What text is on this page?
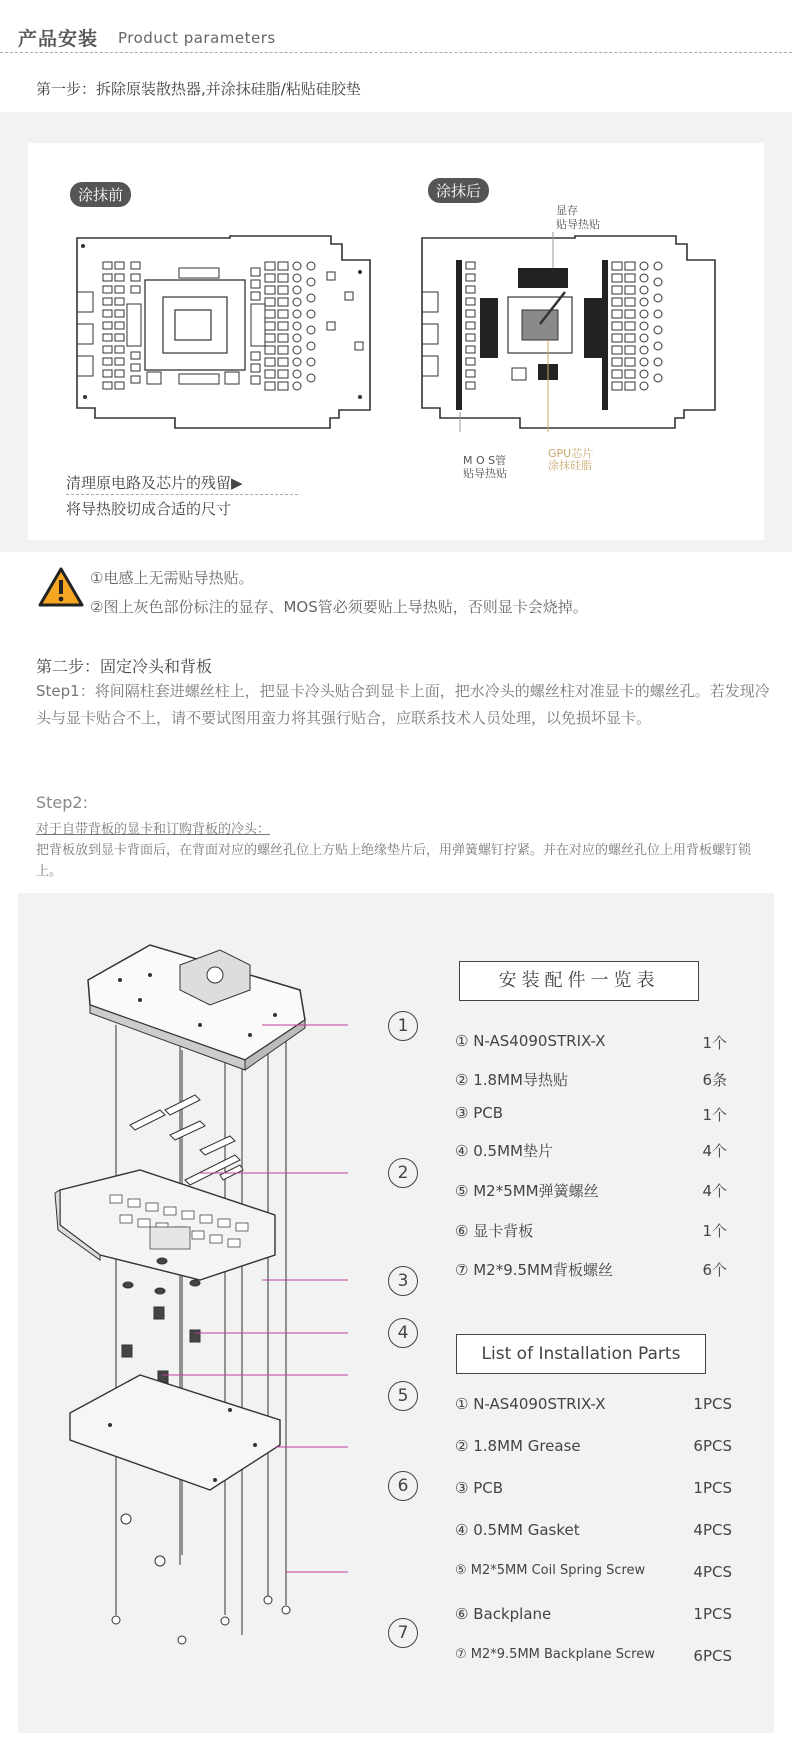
产品安装 Product parameters
第一步：拆除原装散热器,并涂抹硅脂/粘贴硅胶垫
涂抹前	涂抹后
显存
贴导热贴
M O S管
贴导热贴
GPU芯片
涂抹硅脂
清理原电路及芯片的残留▶
将导热胶切成合适的尺寸
①电感上无需贴导热贴。
②图上灰色部份标注的显存、MOS管必须要贴上导热贴，否则显卡会烧掉。
第二步：固定冷头和背板
Step1：将间隔柱套进螺丝柱上，把显卡冷头贴合到显卡上面，把水冷头的螺丝柱对准显卡的螺丝孔。若发现冷头与显卡贴合不上，请不要试图用蛮力将其强行贴合，应联系技术人员处理，以免损坏显卡。
Step2:
对于自带背板的显卡和订购背板的冷头：
把背板放到显卡背面后，在背面对应的螺丝孔位上方贴上绝缘垫片后，用弹簧螺钉拧紧。并在对应的螺丝孔位上用背板螺钉锁上。
1
2
3
4
5
6
7
安装配件一览表
① N-AS4090STRIX-X	1个
② 1.8MM导热贴	6条
③ PCB	1个
④ 0.5MM垫片	4个
⑤ M2*5MM弹簧螺丝	4个
⑥ 显卡背板	1个
⑦ M2*9.5MM背板螺丝	6个
List of Installation Parts
① N-AS4090STRIX-X	1PCS
② 1.8MM Grease	6PCS
③ PCB	1PCS
④ 0.5MM Gasket	4PCS
⑤ M2*5MM Coil Spring Screw	4PCS
⑥ Backplane	1PCS
⑦ M2*9.5MM Backplane Screw	6PCS
